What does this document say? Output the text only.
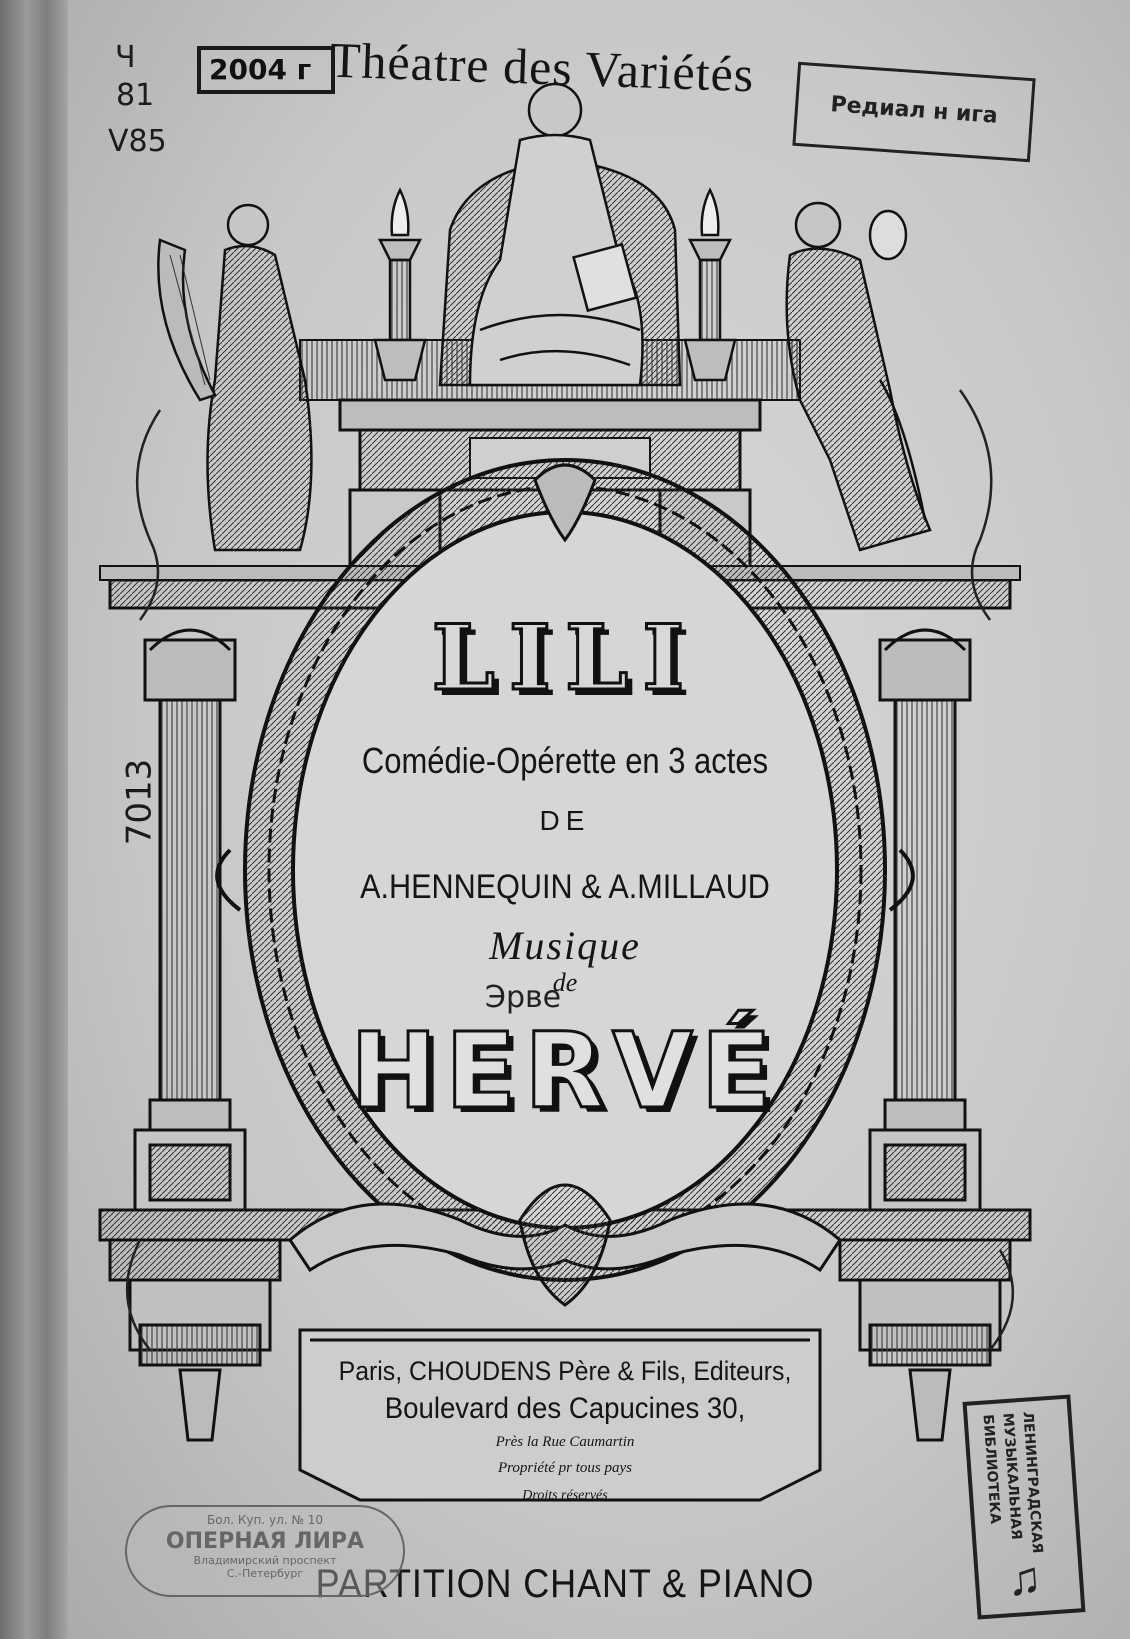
Théatre des Variétés
LILI
Comédie-Opérette en 3 actes
DE
A.HENNEQUIN & A.MILLAUD
Musique
de
Эрве
HERVÉ
Paris, CHOUDENS Père & Fils, Editeurs,
Boulevard des Capucines 30,
Près la Rue Caumartin
Propriété pr tous pays
Droits réservés
PARTITION CHANT & PIANO
2004 г
Редиал н ига
Ч
81
V85
7013
ЛЕНИНГРАДСКАЯ МУЗЫКАЛЬНАЯ БИБЛИОТЕКА
♫
Бол. Куп. ул. № 10
ОПЕРНАЯ ЛИРА
Владимирский проспект
С.-Петербург
